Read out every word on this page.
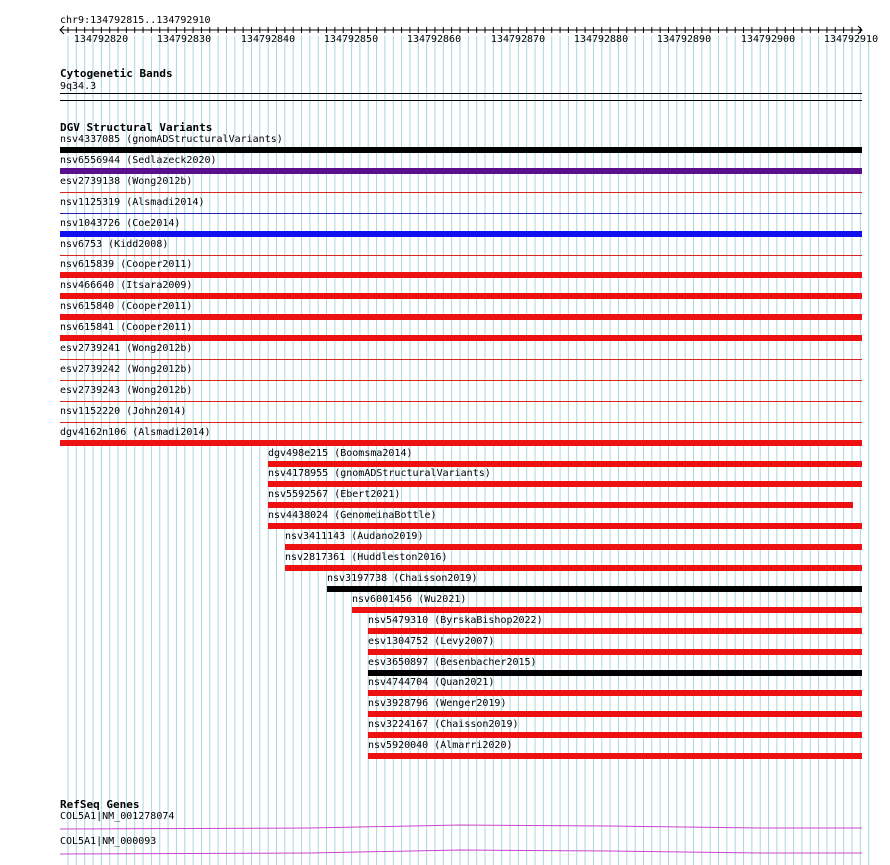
chr9:134792815..134792910
134792820	134792830	134792840	134792850	134792860	134792870	134792880	134792890	134792900	134792910
Cytogenetic Bands
9q34.3
DGV Structural Variants
nsv4337085 (gnomADStructuralVariants)
nsv6556944 (Sedlazeck2020)
esv2739138 (Wong2012b)
nsv1125319 (Alsmadi2014)
nsv1043726 (Coe2014)
nsv6753 (Kidd2008)
nsv615839 (Cooper2011)
nsv466640 (Itsara2009)
nsv615840 (Cooper2011)
nsv615841 (Cooper2011)
esv2739241 (Wong2012b)
esv2739242 (Wong2012b)
esv2739243 (Wong2012b)
nsv1152220 (John2014)
dgv4162n106 (Alsmadi2014)
dgv498e215 (Boomsma2014)
nsv4178955 (gnomADStructuralVariants)
nsv5592567 (Ebert2021)
nsv4438024 (GenomeinaBottle)
nsv3411143 (Audano2019)
nsv2817361 (Huddleston2016)
nsv3197738 (Chaisson2019)
nsv6001456 (Wu2021)
nsv5479310 (ByrskaBishop2022)
esv1304752 (Levy2007)
esv3650897 (Besenbacher2015)
nsv4744704 (Quan2021)
nsv3928796 (Wenger2019)
nsv3224167 (Chaisson2019)
nsv5920040 (Almarri2020)
RefSeq Genes
COL5A1|NM_001278074
COL5A1|NM_000093
